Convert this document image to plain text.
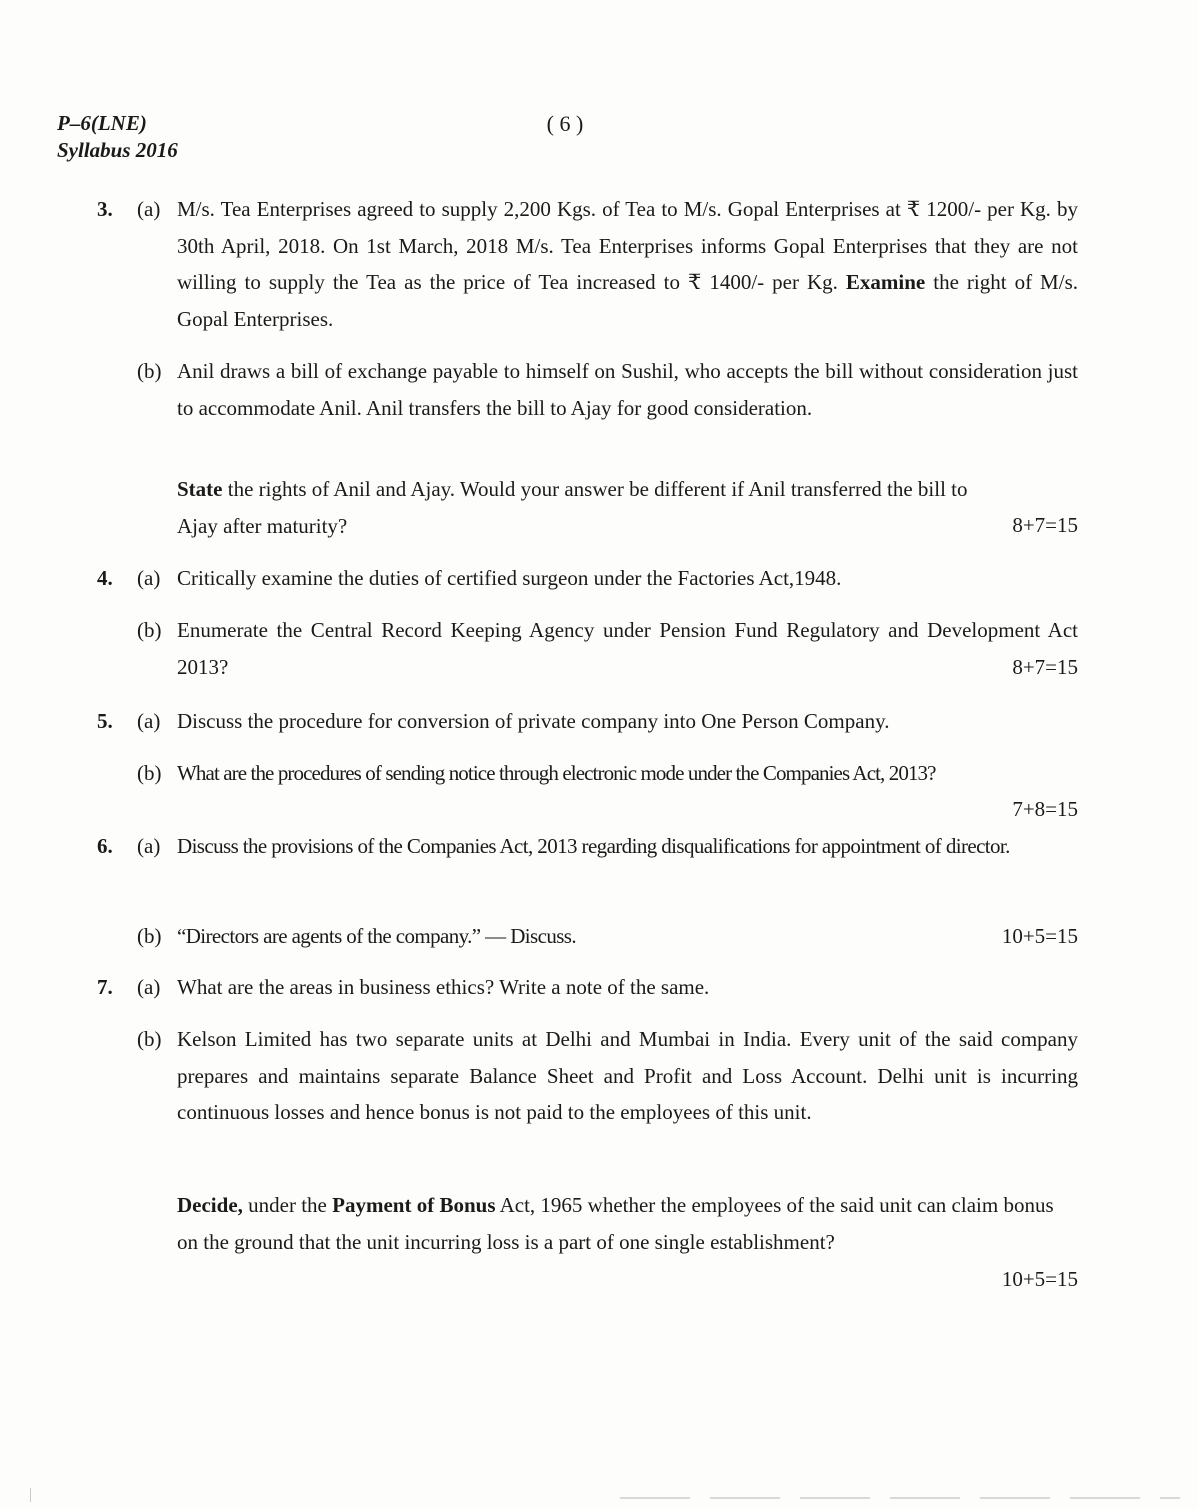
P–6(LNE)
Syllabus 2016
( 6 )
3.	(a) M/s. Tea Enterprises agreed to supply 2,200 Kgs. of Tea to M/s. Gopal Enterprises at ₹ 1200/- per Kg. by 30th April, 2018. On 1st March, 2018 M/s. Tea Enterprises informs Gopal Enterprises that they are not willing to supply the Tea as the price of Tea increased to ₹ 1400/- per Kg. Examine the right of M/s. Gopal Enterprises.
(b) Anil draws a bill of exchange payable to himself on Sushil, who accepts the bill without consideration just to accommodate Anil. Anil transfers the bill to Ajay for good consideration.
8+7=15
State the rights of Anil and Ajay. Would your answer be different if Anil transferred the bill to Ajay after maturity?
4.	(a) Critically examine the duties of certified surgeon under the Factories Act,1948.
(b) Enumerate the Central Record Keeping Agency under Pension Fund Regulatory and Development Act 2013?	8+7=15
5.	(a) Discuss the procedure for conversion of private company into One Person Company.
(b) What are the procedures of sending notice through electronic mode under the Companies Act, 2013?
7+8=15
6.	(a) Discuss the provisions of the Companies Act, 2013 regarding disqualifications for appointment of director.
(b) “Directors are agents of the company.” — Discuss.	10+5=15
7.	(a) What are the areas in business ethics? Write a note of the same.
(b) Kelson Limited has two separate units at Delhi and Mumbai in India. Every unit of the said company prepares and maintains separate Balance Sheet and Profit and Loss Account. Delhi unit is incurring continuous losses and hence bonus is not paid to the employees of this unit.
Decide, under the Payment of Bonus Act, 1965 whether the employees of the said unit can claim bonus on the ground that the unit incurring loss is a part of one single establishment?
10+5=15
